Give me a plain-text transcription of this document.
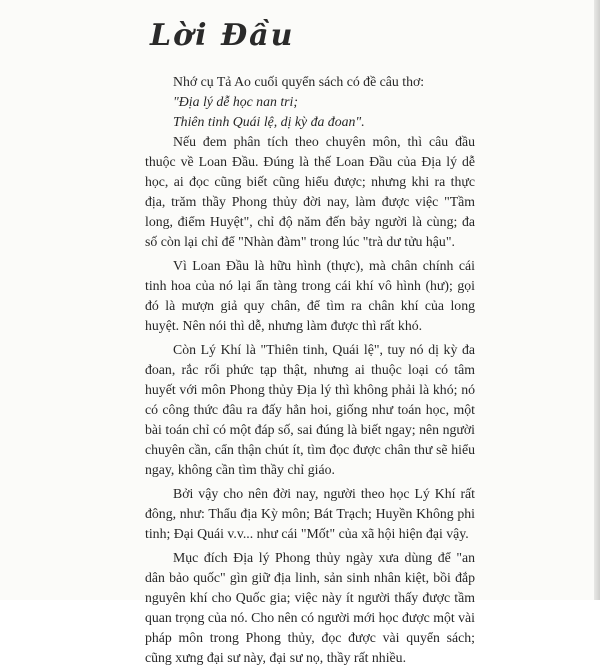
Lời Đầu

Nhớ cụ Tả Ao cuối quyển sách có đề câu thơ:

"Địa lý dễ học nan tri;

Thiên tinh Quái lệ, dị kỳ đa đoan".

Nếu đem phân tích theo chuyên môn, thì câu đầu thuộc về Loan Đầu. Đúng là thế Loan Đầu của Địa lý dễ học, ai đọc cũng biết cũng hiểu được; nhưng khi ra thực địa, trăm thầy Phong thủy đời nay, làm được việc "Tầm long, điểm Huyệt", chỉ độ năm đến bảy người là cùng; đa số còn lại chỉ để "Nhàn đàm" trong lúc "trà dư tửu hậu".

Vì Loan Đầu là hữu hình (thực), mà chân chính cái tinh hoa của nó lại ẩn tàng trong cái khí vô hình (hư); gọi đó là mượn giả quy chân, để tìm ra chân khí của long huyệt. Nên nói thì dễ, nhưng làm được thì rất khó.

Còn Lý Khí là "Thiên tinh, Quái lệ", tuy nó dị kỳ đa đoan, rắc rối phức tạp thật, nhưng ai thuộc loại có tâm huyết với môn Phong thủy Địa lý thì không phải là khó; nó có công thức đâu ra đấy hẳn hoi, giống như toán học, một bài toán chỉ có một đáp số, sai đúng là biết ngay; nên người chuyên cần, cẩn thận chút ít, tìm đọc được chân thư sẽ hiểu ngay, không cần tìm thầy chỉ giáo.

Bởi vậy cho nên đời nay, người theo học Lý Khí rất đông, như: Thẩu địa Kỳ môn; Bát Trạch; Huyền Không phi tinh; Đại Quái v.v... như cái "Mốt" của xã hội hiện đại vậy.

Mục đích Địa lý Phong thủy ngày xưa dùng để "an dân bảo quốc" gìn giữ địa linh, sản sinh nhân kiệt, bồi đắp nguyên khí cho Quốc gia; việc này ít người thấy được tầm quan trọng của nó. Cho nên có người mới học được một vài pháp môn trong Phong thủy, đọc được vài quyển sách; cũng xưng đại sư này, đại sư nọ, thầy rất nhiều.
